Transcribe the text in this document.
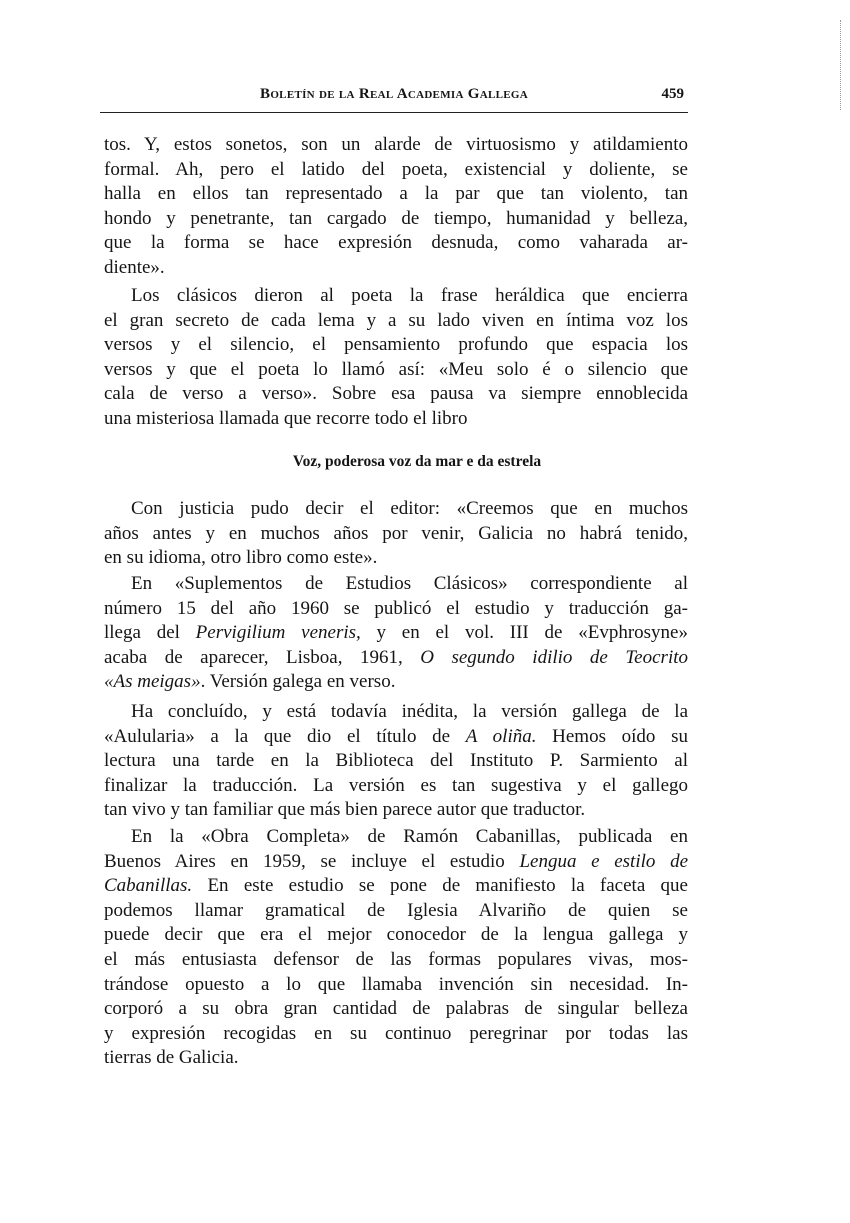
Boletín de la Real Academia Gallega	459
tos. Y, estos sonetos, son un alarde de virtuosismo y atildamiento
formal. Ah, pero el latido del poeta, existencial y doliente, se
halla en ellos tan representado a la par que tan violento, tan
hondo y penetrante, tan cargado de tiempo, humanidad y belleza,
que la forma se hace expresión desnuda, como vaharada ar-
diente».
Los clásicos dieron al poeta la frase heráldica que encierra
el gran secreto de cada lema y a su lado viven en íntima voz los
versos y el silencio, el pensamiento profundo que espacia los
versos y que el poeta lo llamó así: «Meu solo é o silencio que
cala de verso a verso». Sobre esa pausa va siempre ennoblecida
una misteriosa llamada que recorre todo el libro
Con justicia pudo decir el editor: «Creemos que en muchos
años antes y en muchos años por venir, Galicia no habrá tenido,
en su idioma, otro libro como este».
En «Suplementos de Estudios Clásicos» correspondiente al
número 15 del año 1960 se publicó el estudio y traducción ga-
llega del Pervigilium veneris, y en el vol. III de «Evphrosyne»
acaba de aparecer, Lisboa, 1961, O segundo idilio de Teocrito
«As meigas». Versión galega en verso.
Ha concluído, y está todavía inédita, la versión gallega de la
«Aulularia» a la que dio el título de A oliña. Hemos oído su
lectura una tarde en la Biblioteca del Instituto P. Sarmiento al
finalizar la traducción. La versión es tan sugestiva y el gallego
tan vivo y tan familiar que más bien parece autor que traductor.
En la «Obra Completa» de Ramón Cabanillas, publicada en
Buenos Aires en 1959, se incluye el estudio Lengua e estilo de
Cabanillas. En este estudio se pone de manifiesto la faceta que
podemos llamar gramatical de Iglesia Alvariño de quien se
puede decir que era el mejor conocedor de la lengua gallega y
el más entusiasta defensor de las formas populares vivas, mos-
trándose opuesto a lo que llamaba invención sin necesidad. In-
corporó a su obra gran cantidad de palabras de singular belleza
y expresión recogidas en su continuo peregrinar por todas las
tierras de Galicia.
Voz, poderosa voz da mar e da estrela
